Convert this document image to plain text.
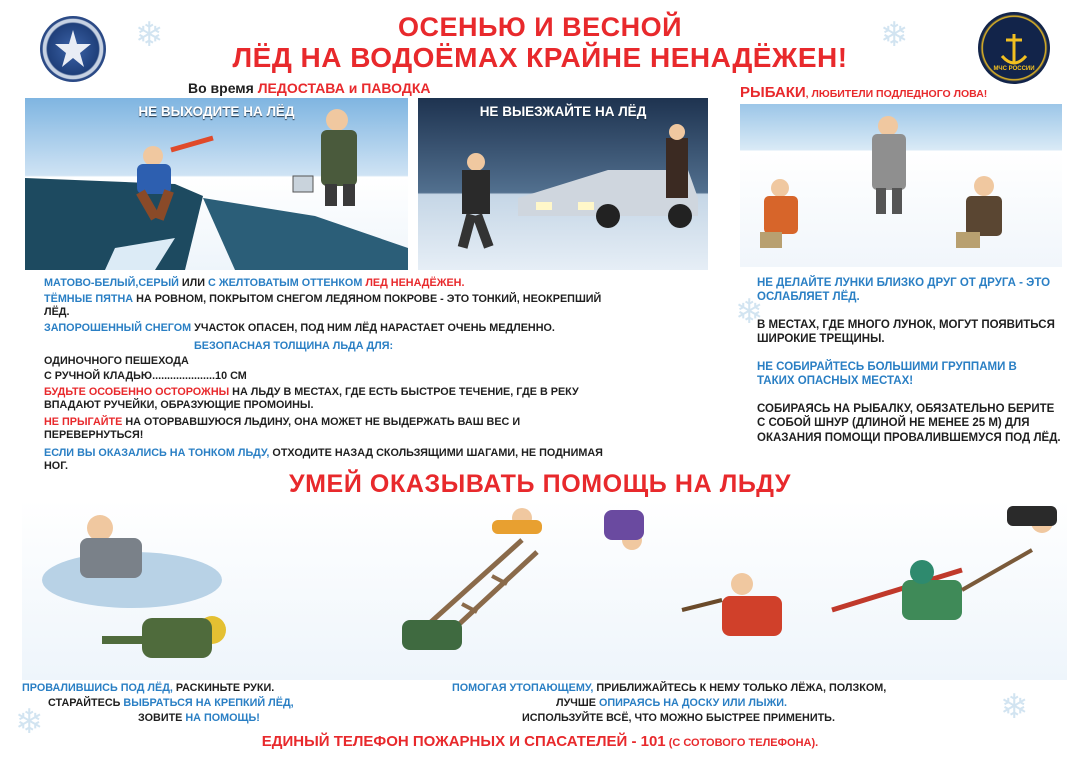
❄	❄
❄
❄	❄
МЧС РОССИИ
ОСЕНЬЮ И ВЕСНОЙ
ЛЁД НА ВОДОЁМАХ КРАЙНЕ НЕНАДЁЖЕН!
Во время ЛЕДОСТАВА и ПАВОДКА	РЫБАКИ, ЛЮБИТЕЛИ ПОДЛЕДНОГО ЛОВА!
НЕ ВЫХОДИТЕ НА ЛЁД	НЕ ВЫЕЗЖАЙТЕ НА ЛЁД
МАТОВО-БЕЛЫЙ,СЕРЫЙ ИЛИ С ЖЕЛТОВАТЫМ ОТТЕНКОМ ЛЕД НЕНАДЁЖЕН.
ТЁМНЫЕ ПЯТНА НА РОВНОМ, ПОКРЫТОМ СНЕГОМ ЛЕДЯНОМ ПОКРОВЕ - ЭТО ТОНКИЙ, НЕОКРЕПШИЙ ЛЁД.
ЗАПОРОШЕННЫЙ СНЕГОМ УЧАСТОК ОПАСЕН, ПОД НИМ ЛЁД НАРАСТАЕТ ОЧЕНЬ МЕДЛЕННО.
БЕЗОПАСНАЯ ТОЛЩИНА ЛЬДА ДЛЯ:
ОДИНОЧНОГО ПЕШЕХОДА
С РУЧНОЙ КЛАДЬЮ.....................10 СМ
БУДЬТЕ ОСОБЕННО ОСТОРОЖНЫ НА ЛЬДУ В МЕСТАХ, ГДЕ ЕСТЬ БЫСТРОЕ ТЕЧЕНИЕ, ГДЕ В РЕКУ ВПАДАЮТ РУЧЕЙКИ, ОБРАЗУЮЩИЕ ПРОМОИНЫ.
НЕ ПРЫГАЙТЕ НА ОТОРВАВШУЮСЯ ЛЬДИНУ, ОНА МОЖЕТ НЕ ВЫДЕРЖАТЬ ВАШ ВЕС И ПЕРЕВЕРНУТЬСЯ!
ЕСЛИ ВЫ ОКАЗАЛИСЬ НА ТОНКОМ ЛЬДУ, ОТХОДИТЕ НАЗАД СКОЛЬЗЯЩИМИ ШАГАМИ, НЕ ПОДНИМАЯ НОГ.
НЕ ДЕЛАЙТЕ ЛУНКИ БЛИЗКО ДРУГ ОТ ДРУГА - ЭТО ОСЛАБЛЯЕТ ЛЁД.
В МЕСТАХ, ГДЕ МНОГО ЛУНОК, МОГУТ ПОЯВИТЬСЯ ШИРОКИЕ ТРЕЩИНЫ.
НЕ СОБИРАЙТЕСЬ БОЛЬШИМИ ГРУППАМИ В ТАКИХ ОПАСНЫХ МЕСТАХ!
СОБИРАЯСЬ НА РЫБАЛКУ, ОБЯЗАТЕЛЬНО БЕРИТЕ С СОБОЙ ШНУР (ДЛИНОЙ НЕ МЕНЕЕ 25 М) ДЛЯ ОКАЗАНИЯ ПОМОЩИ ПРОВАЛИВШЕМУСЯ ПОД ЛЁД.
УМЕЙ ОКАЗЫВАТЬ ПОМОЩЬ НА ЛЬДУ
ПРОВАЛИВШИСЬ ПОД ЛЁД, РАСКИНЬТЕ РУКИ.
СТАРАЙТЕСЬ ВЫБРАТЬСЯ НА КРЕПКИЙ ЛЁД,
ЗОВИТЕ НА ПОМОЩЬ!
ПОМОГАЯ УТОПАЮЩЕМУ, ПРИБЛИЖАЙТЕСЬ К НЕМУ ТОЛЬКО ЛЁЖА, ПОЛЗКОМ,
ЛУЧШЕ ОПИРАЯСЬ НА ДОСКУ ИЛИ ЛЫЖИ.
ИСПОЛЬЗУЙТЕ ВСЁ, ЧТО МОЖНО БЫСТРЕЕ ПРИМЕНИТЬ.
ЕДИНЫЙ ТЕЛЕФОН ПОЖАРНЫХ И СПАСАТЕЛЕЙ - 101 (С СОТОВОГО ТЕЛЕФОНА).
